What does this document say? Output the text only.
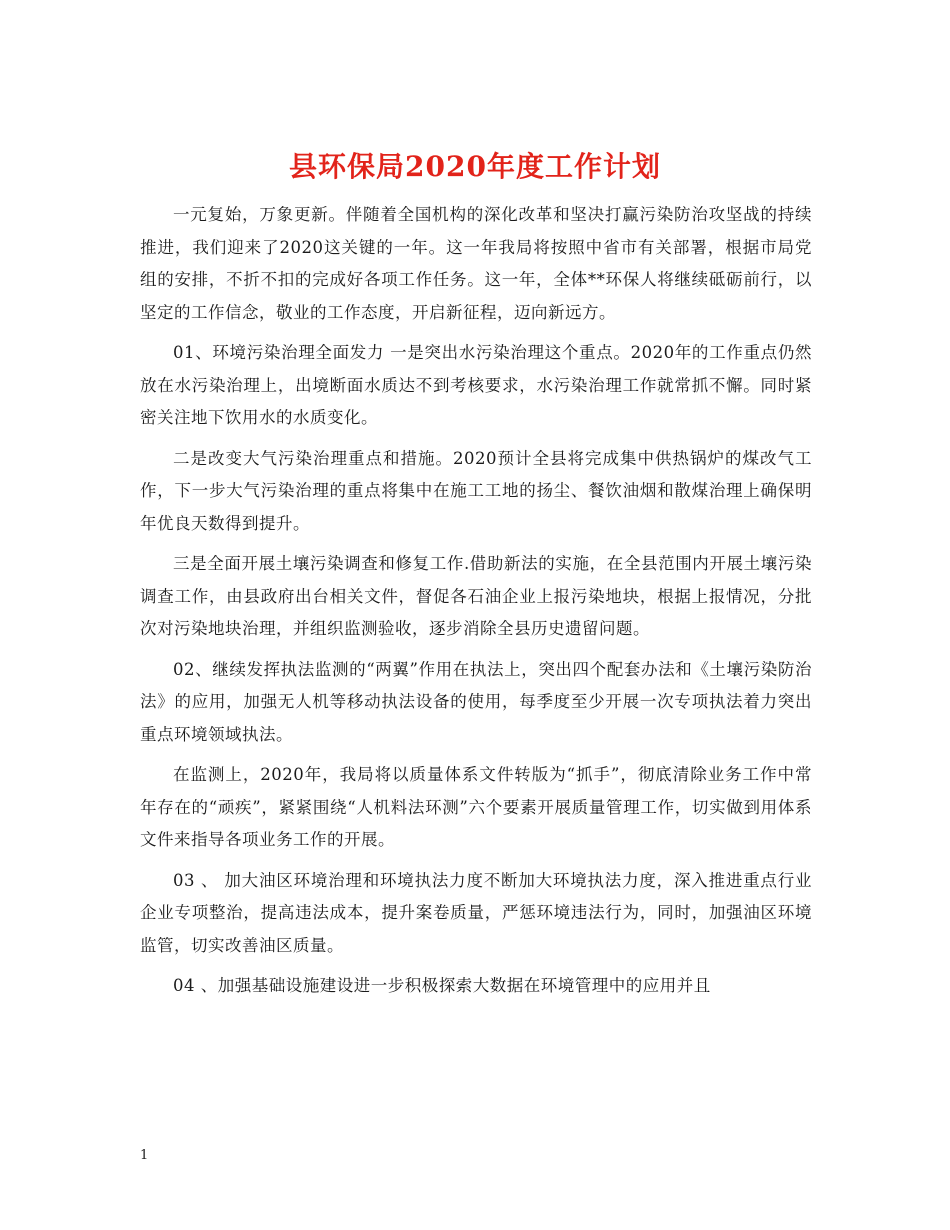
县环保局2020年度工作计划

一元复始，万象更新。伴随着全国机构的深化改革和坚决打赢污染防治攻坚战的持续推进，我们迎来了2020这关键的一年。这一年我局将按照中省市有关部署，根据市局党组的安排，不折不扣的完成好各项工作任务。这一年，全体**环保人将继续砥砺前行，以坚定的工作信念，敬业的工作态度，开启新征程，迈向新远方。

01、环境污染治理全面发力 一是突出水污染治理这个重点。2020年的工作重点仍然放在水污染治理上，出境断面水质达不到考核要求，水污染治理工作就常抓不懈。同时紧密关注地下饮用水的水质变化。

二是改变大气污染治理重点和措施。2020预计全县将完成集中供热锅炉的煤改气工作，下一步大气污染治理的重点将集中在施工工地的扬尘、餐饮油烟和散煤治理上确保明年优良天数得到提升。

三是全面开展土壤污染调查和修复工作.借助新法的实施，在全县范围内开展土壤污染调查工作，由县政府出台相关文件，督促各石油企业上报污染地块，根据上报情况，分批次对污染地块治理，并组织监测验收，逐步消除全县历史遗留问题。

02、继续发挥执法监测的“两翼”作用在执法上，突出四个配套办法和《土壤污染防治法》的应用，加强无人机等移动执法设备的使用，每季度至少开展一次专项执法着力突出重点环境领域执法。

在监测上，2020年，我局将以质量体系文件转版为“抓手”，彻底清除业务工作中常年存在的“顽疾”，紧紧围绕“人机料法环测”六个要素开展质量管理工作，切实做到用体系文件来指导各项业务工作的开展。

03 、 加大油区环境治理和环境执法力度不断加大环境执法力度，深入推进重点行业企业专项整治，提高违法成本，提升案卷质量，严惩环境违法行为，同时，加强油区环境监管，切实改善油区质量。

04 、加强基础设施建设进一步积极探索大数据在环境管理中的应用并且

1
